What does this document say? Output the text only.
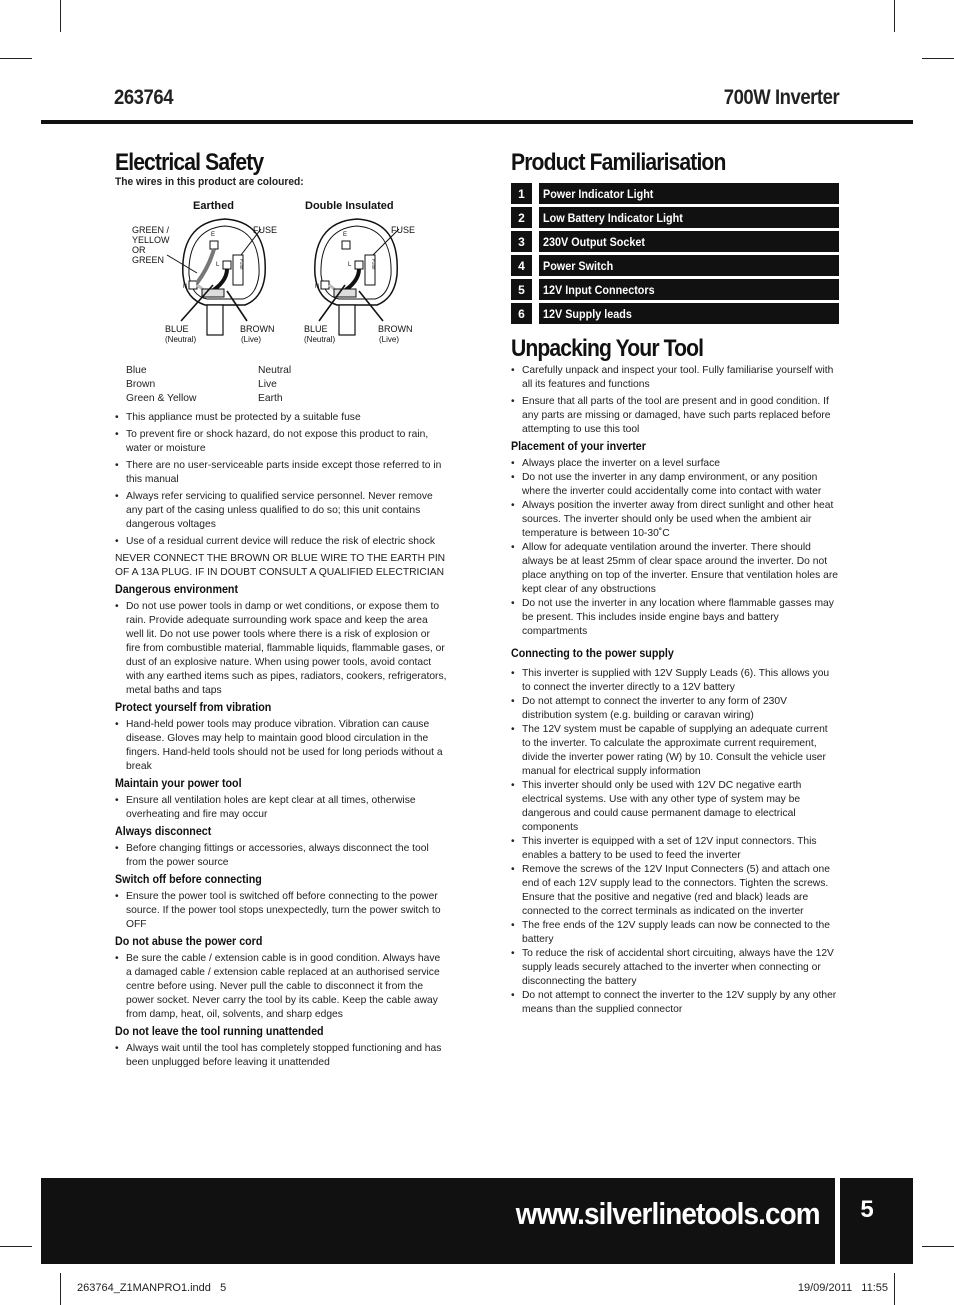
263764	700W Inverter
Electrical Safety
The wires in this product are coloured:
Earthed	Double Insulated
E
L
N
FUSE
E
L
N
FUSE
GREEN /
YELLOW
OR
GREEN
FUSE	FUSE
BLUE
(Neutral)
BROWN
(Live)
BLUE
(Neutral)
BROWN
(Live)
Blue	Neutral
Brown	Live
Green & Yellow	Earth
• This appliance must be protected by a suitable fuse
• To prevent fire or shock hazard, do not expose this product to rain, water or moisture
• There are no user-serviceable parts inside except those referred to in this manual
• Always refer servicing to qualified service personnel. Never remove any part of the casing unless qualified to do so; this unit contains dangerous voltages
• Use of a residual current device will reduce the risk of electric shock

NEVER CONNECT THE BROWN OR BLUE WIRE TO THE EARTH PIN OF A 13A PLUG. IF IN DOUBT CONSULT A QUALIFIED ELECTRICIAN

Dangerous environment
• Do not use power tools in damp or wet conditions, or expose them to rain. Provide adequate surrounding work space and keep the area well lit. Do not use power tools where there is a risk of explosion or fire from combustible material, flammable liquids, flammable gases, or dust of an explosive nature. When using power tools, avoid contact with any earthed items such as pipes, radiators, cookers, refrigerators, metal baths and taps
Protect yourself from vibration
• Hand-held power tools may produce vibration. Vibration can cause disease. Gloves may help to maintain good blood circulation in the fingers. Hand-held tools should not be used for long periods without a break
Maintain your power tool
• Ensure all ventilation holes are kept clear at all times, otherwise overheating and fire may occur
Always disconnect
• Before changing fittings or accessories, always disconnect the tool from the power source
Switch off before connecting
• Ensure the power tool is switched off before connecting to the power source. If the power tool stops unexpectedly, turn the power switch to OFF
Do not abuse the power cord
• Be sure the cable / extension cable is in good condition. Always have a damaged cable / extension cable replaced at an authorised service centre before using. Never pull the cable to disconnect it from the power socket. Never carry the tool by its cable. Keep the cable away from damp, heat, oil, solvents, and sharp edges
Do not leave the tool running unattended
• Always wait until the tool has completely stopped functioning and has been unplugged before leaving it unattended
Product Familiarisation
1	Power Indicator Light
2	Low Battery Indicator Light
3	230V Output Socket
4	Power Switch
5	12V Input Connectors
6	12V Supply leads
Unpacking Your Tool
• Carefully unpack and inspect your tool. Fully familiarise yourself with all its features and functions
• Ensure that all parts of the tool are present and in good condition. If any parts are missing or damaged, have such parts replaced before attempting to use this tool
Placement of your inverter
• Always place the inverter on a level surface
• Do not use the inverter in any damp environment, or any position where the inverter could accidentally come into contact with water
• Always position the inverter away from direct sunlight and other heat sources. The inverter should only be used when the ambient air temperature is between 10-30˚C
• Allow for adequate ventilation around the inverter. There should always be at least 25mm of clear space around the inverter. Do not place anything on top of the inverter. Ensure that ventilation holes are kept clear of any obstructions
• Do not use the inverter in any location where flammable gasses may be present. This includes inside engine bays and battery compartments
Connecting to the power supply
• This inverter is supplied with 12V Supply Leads (6). This allows you to connect the inverter directly to a 12V battery
• Do not attempt to connect the inverter to any form of 230V distribution system (e.g. building or caravan wiring)
• The 12V system must be capable of supplying an adequate current to the inverter. To calculate the approximate current requirement, divide the inverter power rating (W) by 10. Consult the vehicle user manual for electrical supply information
• This inverter should only be used with 12V DC negative earth electrical systems. Use with any other type of system may be dangerous and could cause permanent damage to electrical components
• This inverter is equipped with a set of 12V input connectors. This enables a battery to be used to feed the inverter
• Remove the screws of the 12V Input Connecters (5) and attach one end of each 12V supply lead to the connectors. Tighten the screws. Ensure that the positive and negative (red and black) leads are connected to the correct terminals as indicated on the inverter
• The free ends of the 12V supply leads can now be connected to the battery
• To reduce the risk of accidental short circuiting, always have the 12V supply leads securely attached to the inverter when connecting or disconnecting the battery
• Do not attempt to connect the inverter to the 12V supply by any other means than the supplied connector
www.silverlinetools.com	5
263764_Z1MANPRO1.indd   5	19/09/2011   11:55
